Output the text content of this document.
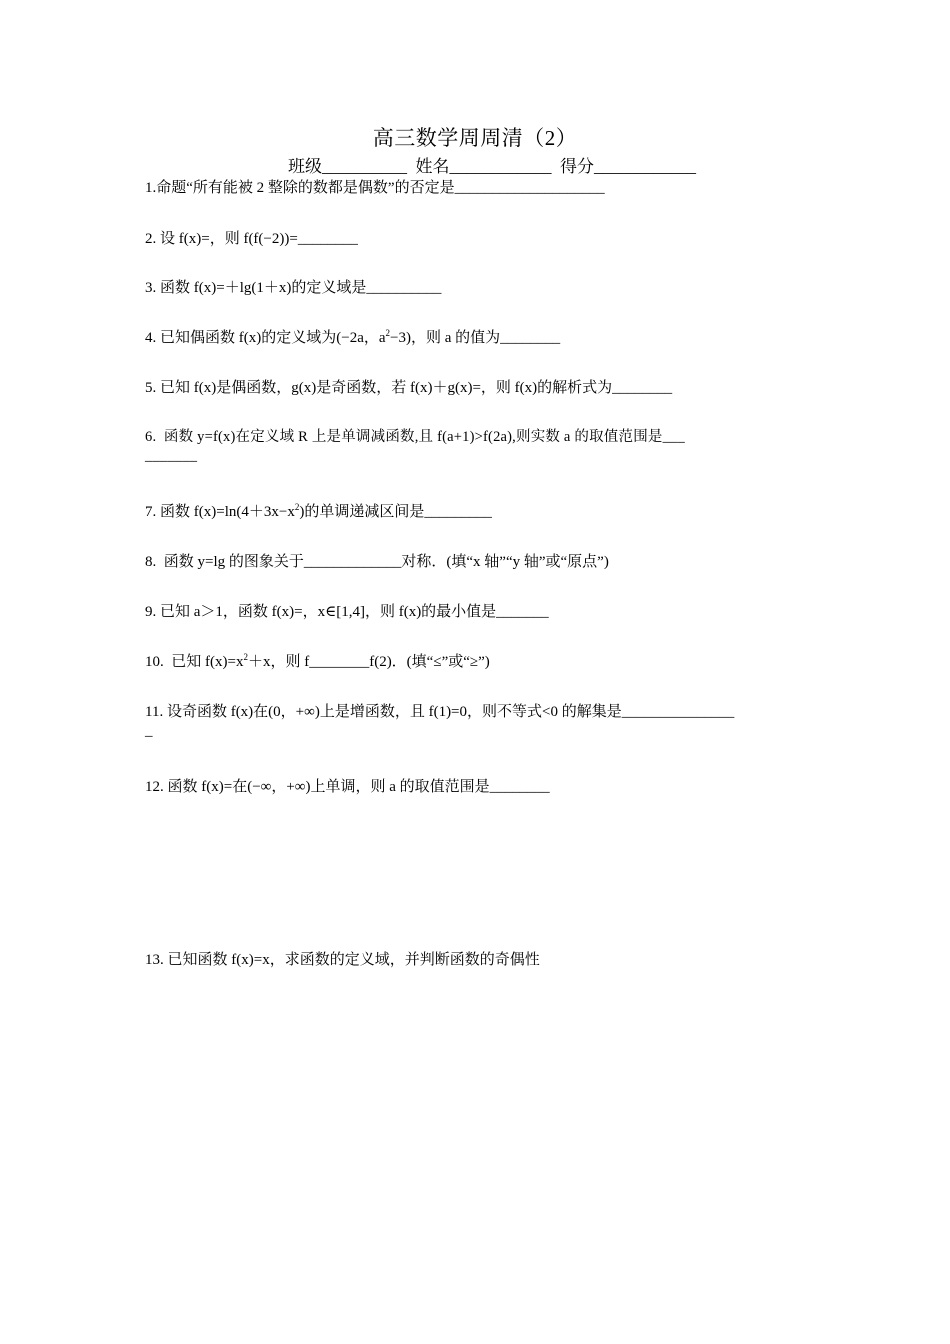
高三数学周周清（2）
班级__________  姓名____________  得分____________
1.命题“所有能被 2 整除的数都是偶数”的否定是____________________
2. 设 f(x)=，则 f(f(−2))=________
3. 函数 f(x)=＋lg(1＋x)的定义域是__________
4. 已知偶函数 f(x)的定义域为(−2a，$a^2-3$)，则 a 的值为________
5. 已知 f(x)是偶函数，g(x)是奇函数，若 f(x)＋g(x)=，则 f(x)的解析式为________
6.  函数 y=f(x)在定义域 R 上是单调减函数,且 f(a+1)>f(2a),则实数 a 的取值范围是___
_______
7. 函数 $f(x)=\ln(4+3x-x^2)$的单调递减区间是_________
8.  函数 y=lg 的图象关于_____________对称．(填“x 轴”“y 轴”或“原点”)
9. 已知 a＞1，函数 f(x)=，x∈[1,4]，则 f(x)的最小值是_______
10.  已知 $f(x)=x^2+x$，则 f________f(2)．(填“≤”或“≥”)
11. 设奇函数 f(x)在(0，+∞)上是增函数，且 f(1)=0，则不等式<0 的解集是_______________
_
12. 函数 f(x)=在(−∞，+∞)上单调，则 a 的取值范围是________
13. 已知函数 f(x)=x，求函数的定义域，并判断函数的奇偶性
